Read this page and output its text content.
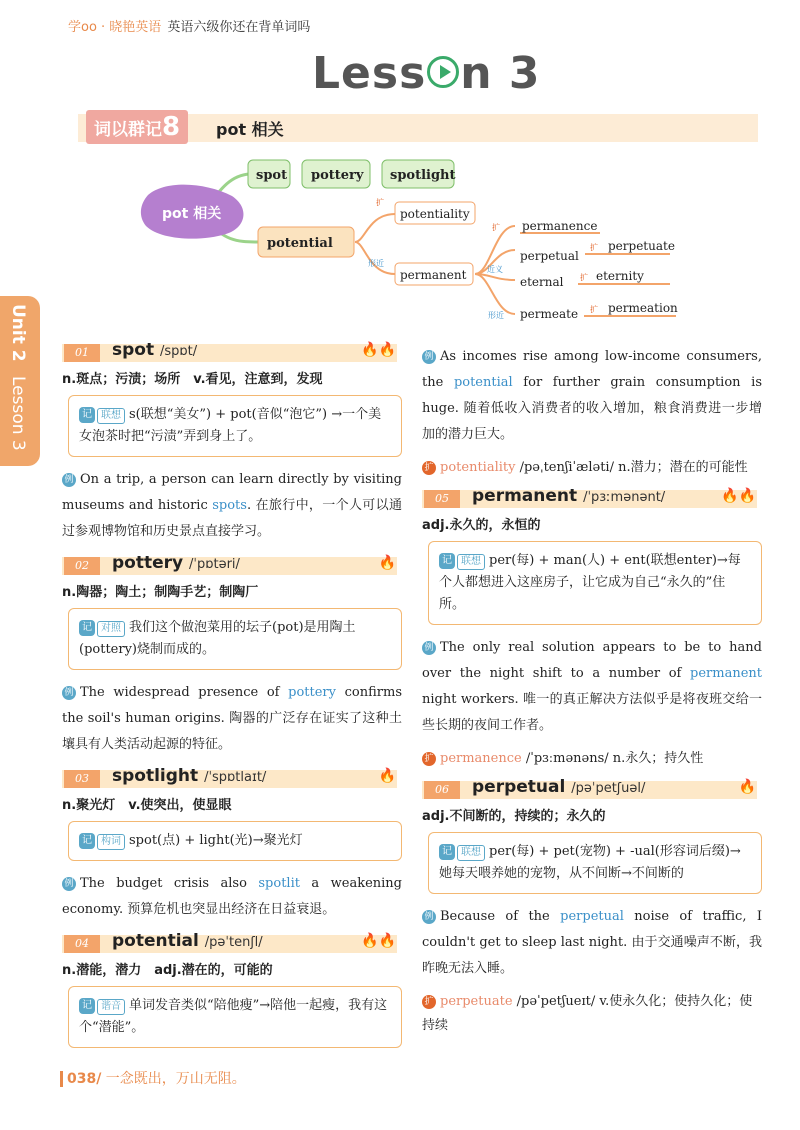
学oo · 晓艳英语 英语六级你还在背单词吗
Less n 3
词以群记8	pot 相关
pot 相关
spot pottery spotlight
potential
扩
potentiality
形近
permanent
扩 permanence
近义
perpetual
扩 perpetuate
eternal 扩 eternity
形近 permeate 扩 permeation
Unit 2
Lesson 3
01	spot /spɒt/	🔥🔥
n.斑点；污渍；场所　v.看见，注意到，发现
记 联想 s(联想“美女”) + pot(音似“泡它”) →一个美女泡茶时把“污渍”弄到身上了。
例 On a trip, a person can learn directly by visiting museums and historic spots. 在旅行中，一个人可以通过参观博物馆和历史景点直接学习。
02	pottery /ˈpɒtəri/	🔥
n.陶器；陶土；制陶手艺；制陶厂
记 对照 我们这个做泡菜用的坛子(pot)是用陶土(pottery)烧制而成的。
例 The widespread presence of pottery confirms the soil's human origins. 陶器的广泛存在证实了这种土壤具有人类活动起源的特征。
03	spotlight /ˈspɒtlaɪt/	🔥
n.聚光灯　v.使突出，使显眼
记 构词 spot(点) + light(光)→聚光灯
例 The budget crisis also spotlit a weakening economy. 预算危机也突显出经济在日益衰退。
04	potential /pəˈtenʃl/	🔥🔥
n.潜能，潜力　adj.潜在的，可能的
记 谐音 单词发音类似“陪他瘦”→陪他一起瘦，我有这个“潜能”。
例 As incomes rise among low-income consumers, the potential for further grain consumption is huge. 随着低收入消费者的收入增加，粮食消费进一步增加的潜力巨大。
扩 potentiality /pəˌtenʃiˈæləti/ n.潜力；潜在的可能性
05	permanent /ˈpɜːmənənt/	🔥🔥
adj.永久的，永恒的
记 联想 per(每) + man(人) + ent(联想enter)→每个人都想进入这座房子，让它成为自己“永久的”住所。
例 The only real solution appears to be to hand over the night shift to a number of permanent night workers. 唯一的真正解决方法似乎是将夜班交给一些长期的夜间工作者。
扩 permanence /ˈpɜːmənəns/ n.永久；持久性
06	perpetual /pəˈpetʃuəl/	🔥
adj.不间断的，持续的；永久的
记 联想 per(每) + pet(宠物) + -ual(形容词后缀)→她每天喂养她的宠物，从不间断→不间断的
例 Because of the perpetual noise of traffic, I couldn't get to sleep last night. 由于交通噪声不断，我昨晚无法入睡。
扩 perpetuate /pəˈpetʃueɪt/ v.使永久化；使持久化；使持续
038/ 一念既出，万山无阻。
